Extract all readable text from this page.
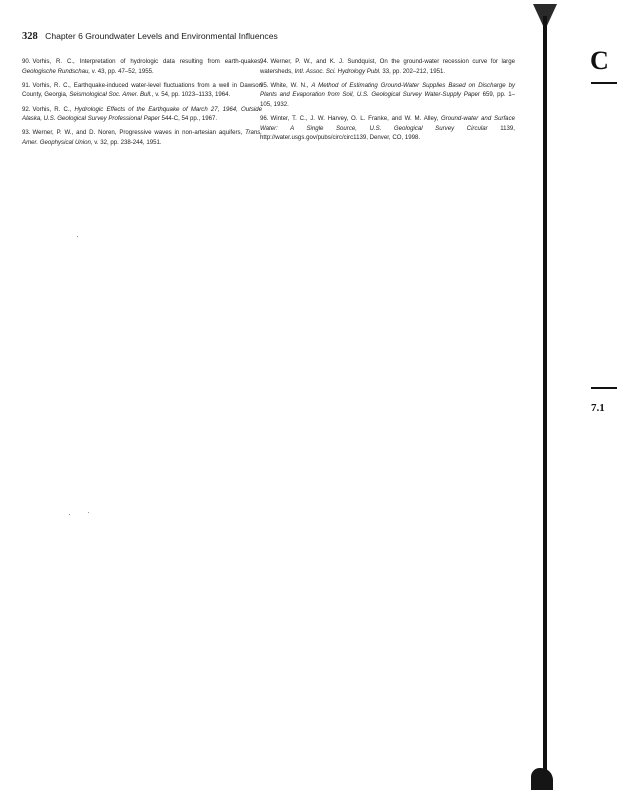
328 Chapter 6 Groundwater Levels and Environmental Influences

90. Vorhis, R. C., Interpretation of hydrologic data resulting from earth-quakes, Geologische Rundschau, v. 43, pp. 47–52, 1955.

91. Vorhis, R. C., Earthquake-induced water-level fluctuations from a well in Dawson County, Georgia, Seismological Soc. Amer. Bull., v. 54, pp. 1023–1133, 1964.

92. Vorhis, R. C., Hydrologic Effects of the Earthquake of March 27, 1964, Outside Alaska, U.S. Geological Survey Professional Paper 544-C, 54 pp., 1967.

93. Werner, P. W., and D. Noren, Progressive waves in non-artesian aquifers, Trans. Amer. Geophysical Union, v. 32, pp. 238-244, 1951.

94. Werner, P. W., and K. J. Sundquist, On the ground-water recession curve for large watersheds, Intl. Assoc. Sci. Hydrology Publ. 33, pp. 202–212, 1951.

95. White, W. N., A Method of Estimating Ground-Water Supplies Based on Discharge by Plants and Evaporation from Soil, U.S. Geological Survey Water-Supply Paper 659, pp. 1–105, 1932.

96. Winter, T. C., J. W. Harvey, O. L. Franke, and W. M. Alley, Ground-water and Surface Water: A Single Source, U.S. Geological Survey Circular 1139, http://water.usgs.gov/pubs/circ/circ1139, Denver, CO, 1998.

C
7.1
